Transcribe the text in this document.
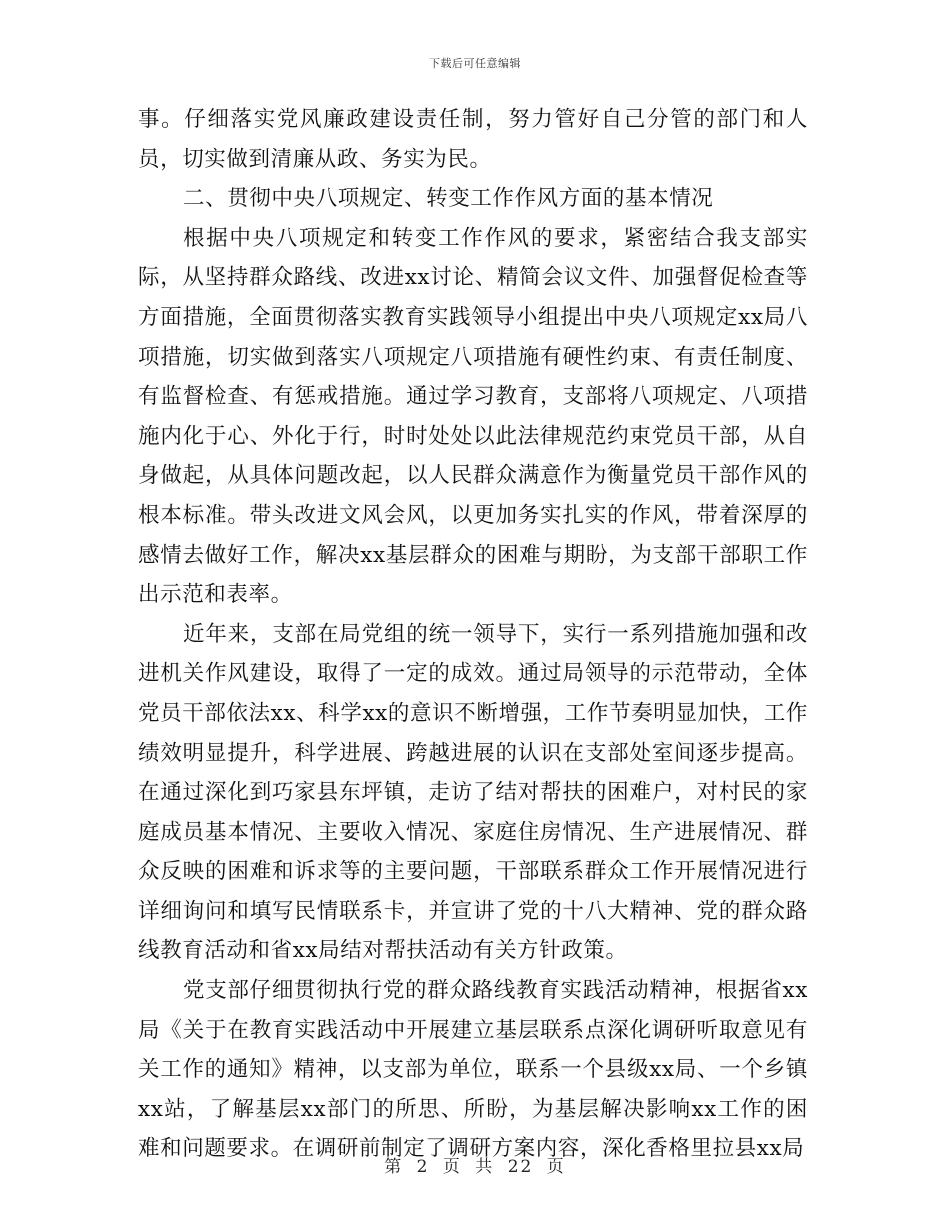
下载后可任意编辑

事。仔细落实党风廉政建设责任制，努力管好自己分管的部门和人员，切实做到清廉从政、务实为民。

二、贯彻中央八项规定、转变工作作风方面的基本情况

根据中央八项规定和转变工作作风的要求，紧密结合我支部实际，从坚持群众路线、改进xx讨论、精简会议文件、加强督促检查等方面措施，全面贯彻落实教育实践领导小组提出中央八项规定xx局八项措施，切实做到落实八项规定八项措施有硬性约束、有责任制度、有监督检查、有惩戒措施。通过学习教育，支部将八项规定、八项措施内化于心、外化于行，时时处处以此法律规范约束党员干部，从自身做起，从具体问题改起，以人民群众满意作为衡量党员干部作风的根本标准。带头改进文风会风，以更加务实扎实的作风，带着深厚的感情去做好工作，解决xx基层群众的困难与期盼，为支部干部职工作出示范和表率。

近年来，支部在局党组的统一领导下，实行一系列措施加强和改进机关作风建设，取得了一定的成效。通过局领导的示范带动，全体党员干部依法xx、科学xx的意识不断增强，工作节奏明显加快，工作绩效明显提升，科学进展、跨越进展的认识在支部处室间逐步提高。在通过深化到巧家县东坪镇，走访了结对帮扶的困难户，对村民的家庭成员基本情况、主要收入情况、家庭住房情况、生产进展情况、群众反映的困难和诉求等的主要问题，干部联系群众工作开展情况进行详细询问和填写民情联系卡，并宣讲了党的十八大精神、党的群众路线教育活动和省xx局结对帮扶活动有关方针政策。

党支部仔细贯彻执行党的群众路线教育实践活动精神，根据省xx局《关于在教育实践活动中开展建立基层联系点深化调研听取意见有关工作的通知》精神，以支部为单位，联系一个县级xx局、一个乡镇xx站，了解基层xx部门的所思、所盼，为基层解决影响xx工作的困难和问题要求。在调研前制定了调研方案内容，深化香格里拉县xx局

第 2 页 共 22 页
